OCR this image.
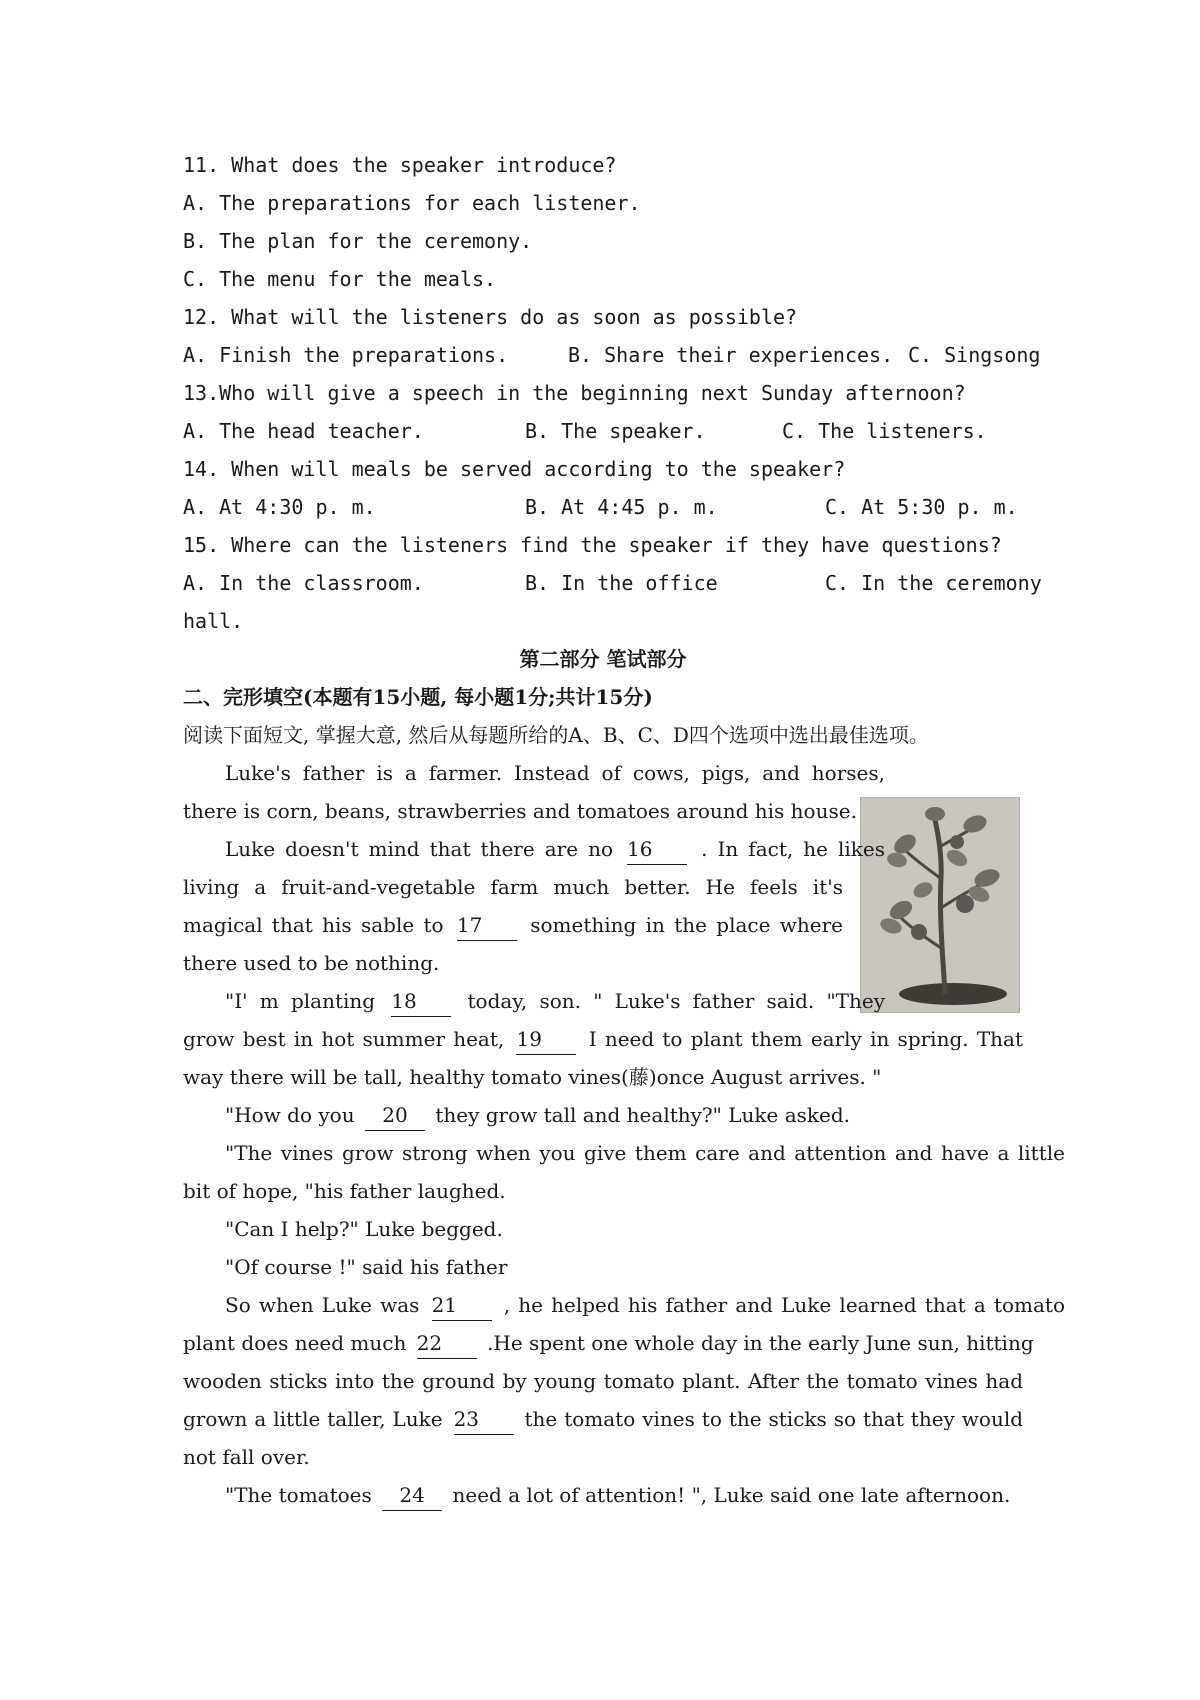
11. What does the speaker introduce?
A. The preparations for each listener.
B. The plan for the ceremony.
C. The menu for the meals.
12. What will the listeners do as soon as possible?
A. Finish the preparations.	B. Share their experiences. C. Singsong
13.Who will give a speech in the beginning next Sunday afternoon?
A. The head teacher.	B. The speaker.	C. The listeners.
14. When will meals be served according to the speaker?
A. At 4:30 p. m.	B. At 4:45 p. m.	C. At 5:30 p. m.
15. Where can the listeners find the speaker if they have questions?
A. In the classroom.	B. In the office	C. In the ceremony
hall.
第二部分 笔试部分
二、完形填空(本题有15小题, 每小题1分;共计15分)
阅读下面短文, 掌握大意, 然后从每题所给的A、B、C、D四个选项中选出最佳选项。
Luke's father is a farmer. Instead of cows, pigs, and horses,
there is corn, beans, strawberries and tomatoes around his house.
Luke doesn't mind that there are no 16 . In fact, he likes
living a fruit-and-vegetable farm much better. He feels it's
magical that his sable to 17 something in the place where
there used to be nothing.
"I' m planting 18	today, son. " Luke's father said. "They
grow best in hot summer heat, 19 I need to plant them early in spring. That
way there will be tall, healthy tomato vines(藤)once August arrives. "
"How do you 20 they grow tall and healthy?" Luke asked.
"The vines grow strong when you give them care and attention and have a little
bit of hope, "his father laughed.
"Can I help?" Luke begged.
"Of course !" said his father
So when Luke was 21 , he helped his father and Luke learned that a tomato
plant does need much 22 .He spent one whole day in the early June sun, hitting
wooden sticks into the ground by young tomato plant. After the tomato vines had
grown a little taller, Luke 23 the tomato vines to the sticks so that they would
not fall over.
"The tomatoes 24 need a lot of attention! ", Luke said one late afternoon.
